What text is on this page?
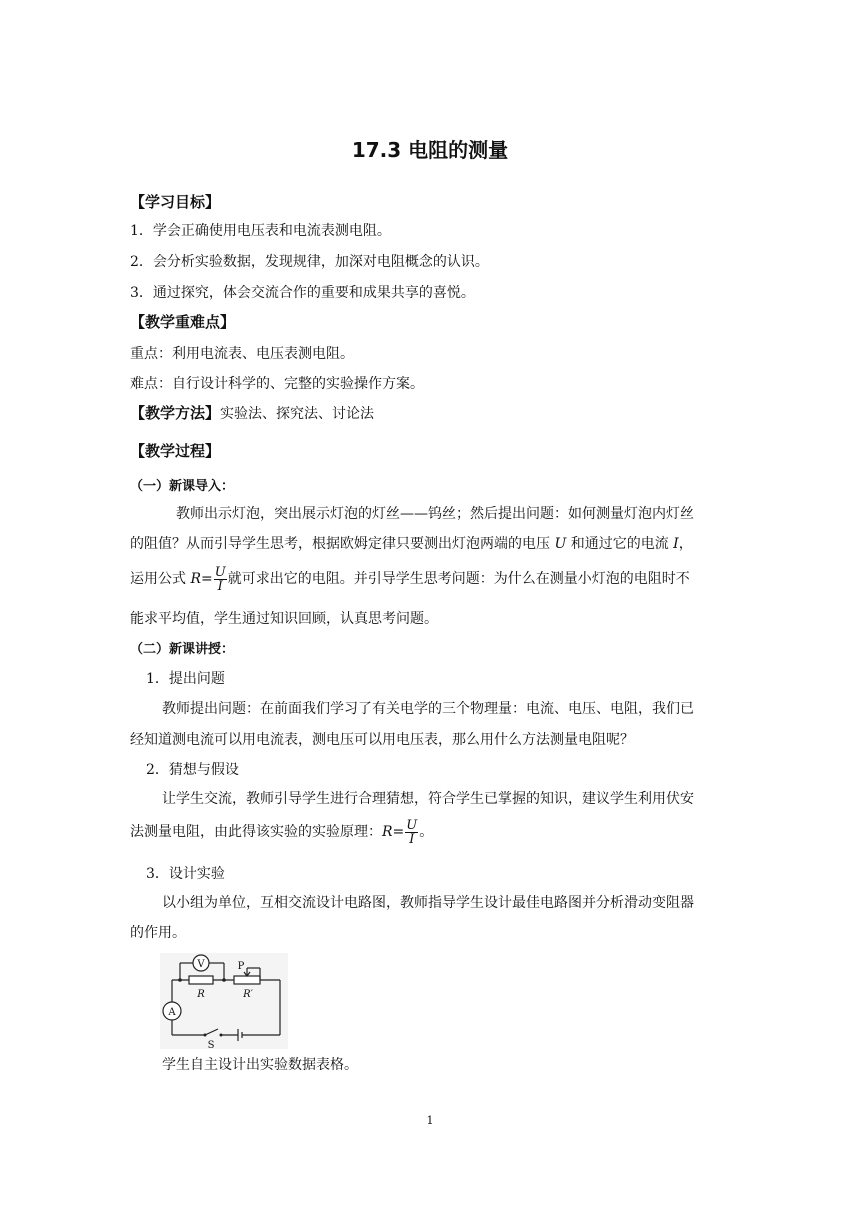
17.3 电阻的测量
【学习目标】
1．学会正确使用电压表和电流表测电阻。
2．会分析实验数据，发现规律，加深对电阻概念的认识。
3．通过探究，体会交流合作的重要和成果共享的喜悦。
【教学重难点】
重点：利用电流表、电压表测电阻。
难点：自行设计科学的、完整的实验操作方案。
【教学方法】实验法、探究法、讨论法
【教学过程】
（一）新课导入：
教师出示灯泡，突出展示灯泡的灯丝——钨丝；然后提出问题：如何测量灯泡内灯丝
的阻值？从而引导学生思考，根据欧姆定律只要测出灯泡两端的电压 U 和通过它的电流 I，
运用公式 $R= \frac{U}{I}$ 就可求出它的电阻。并引导学生思考问题：为什么在测量小灯泡的电阻时不
能求平均值，学生通过知识回顾，认真思考问题。
（二）新课讲授：
1．提出问题
教师提出问题：在前面我们学习了有关电学的三个物理量：电流、电压、电阻，我们已
经知道测电流可以用电流表，测电压可以用电压表，那么用什么方法测量电阻呢？
2．猜想与假设
让学生交流，教师引导学生进行合理猜想，符合学生已掌握的知识，建议学生利用伏安
法测量电阻，由此得该实验的实验原理：$R= \frac{U}{I}$ 。
3．设计实验
以小组为单位，互相交流设计电路图，教师指导学生设计最佳电路图并分析滑动变阻器
的作用。
V
A
R	R′
P
S
学生自主设计出实验数据表格。
1
